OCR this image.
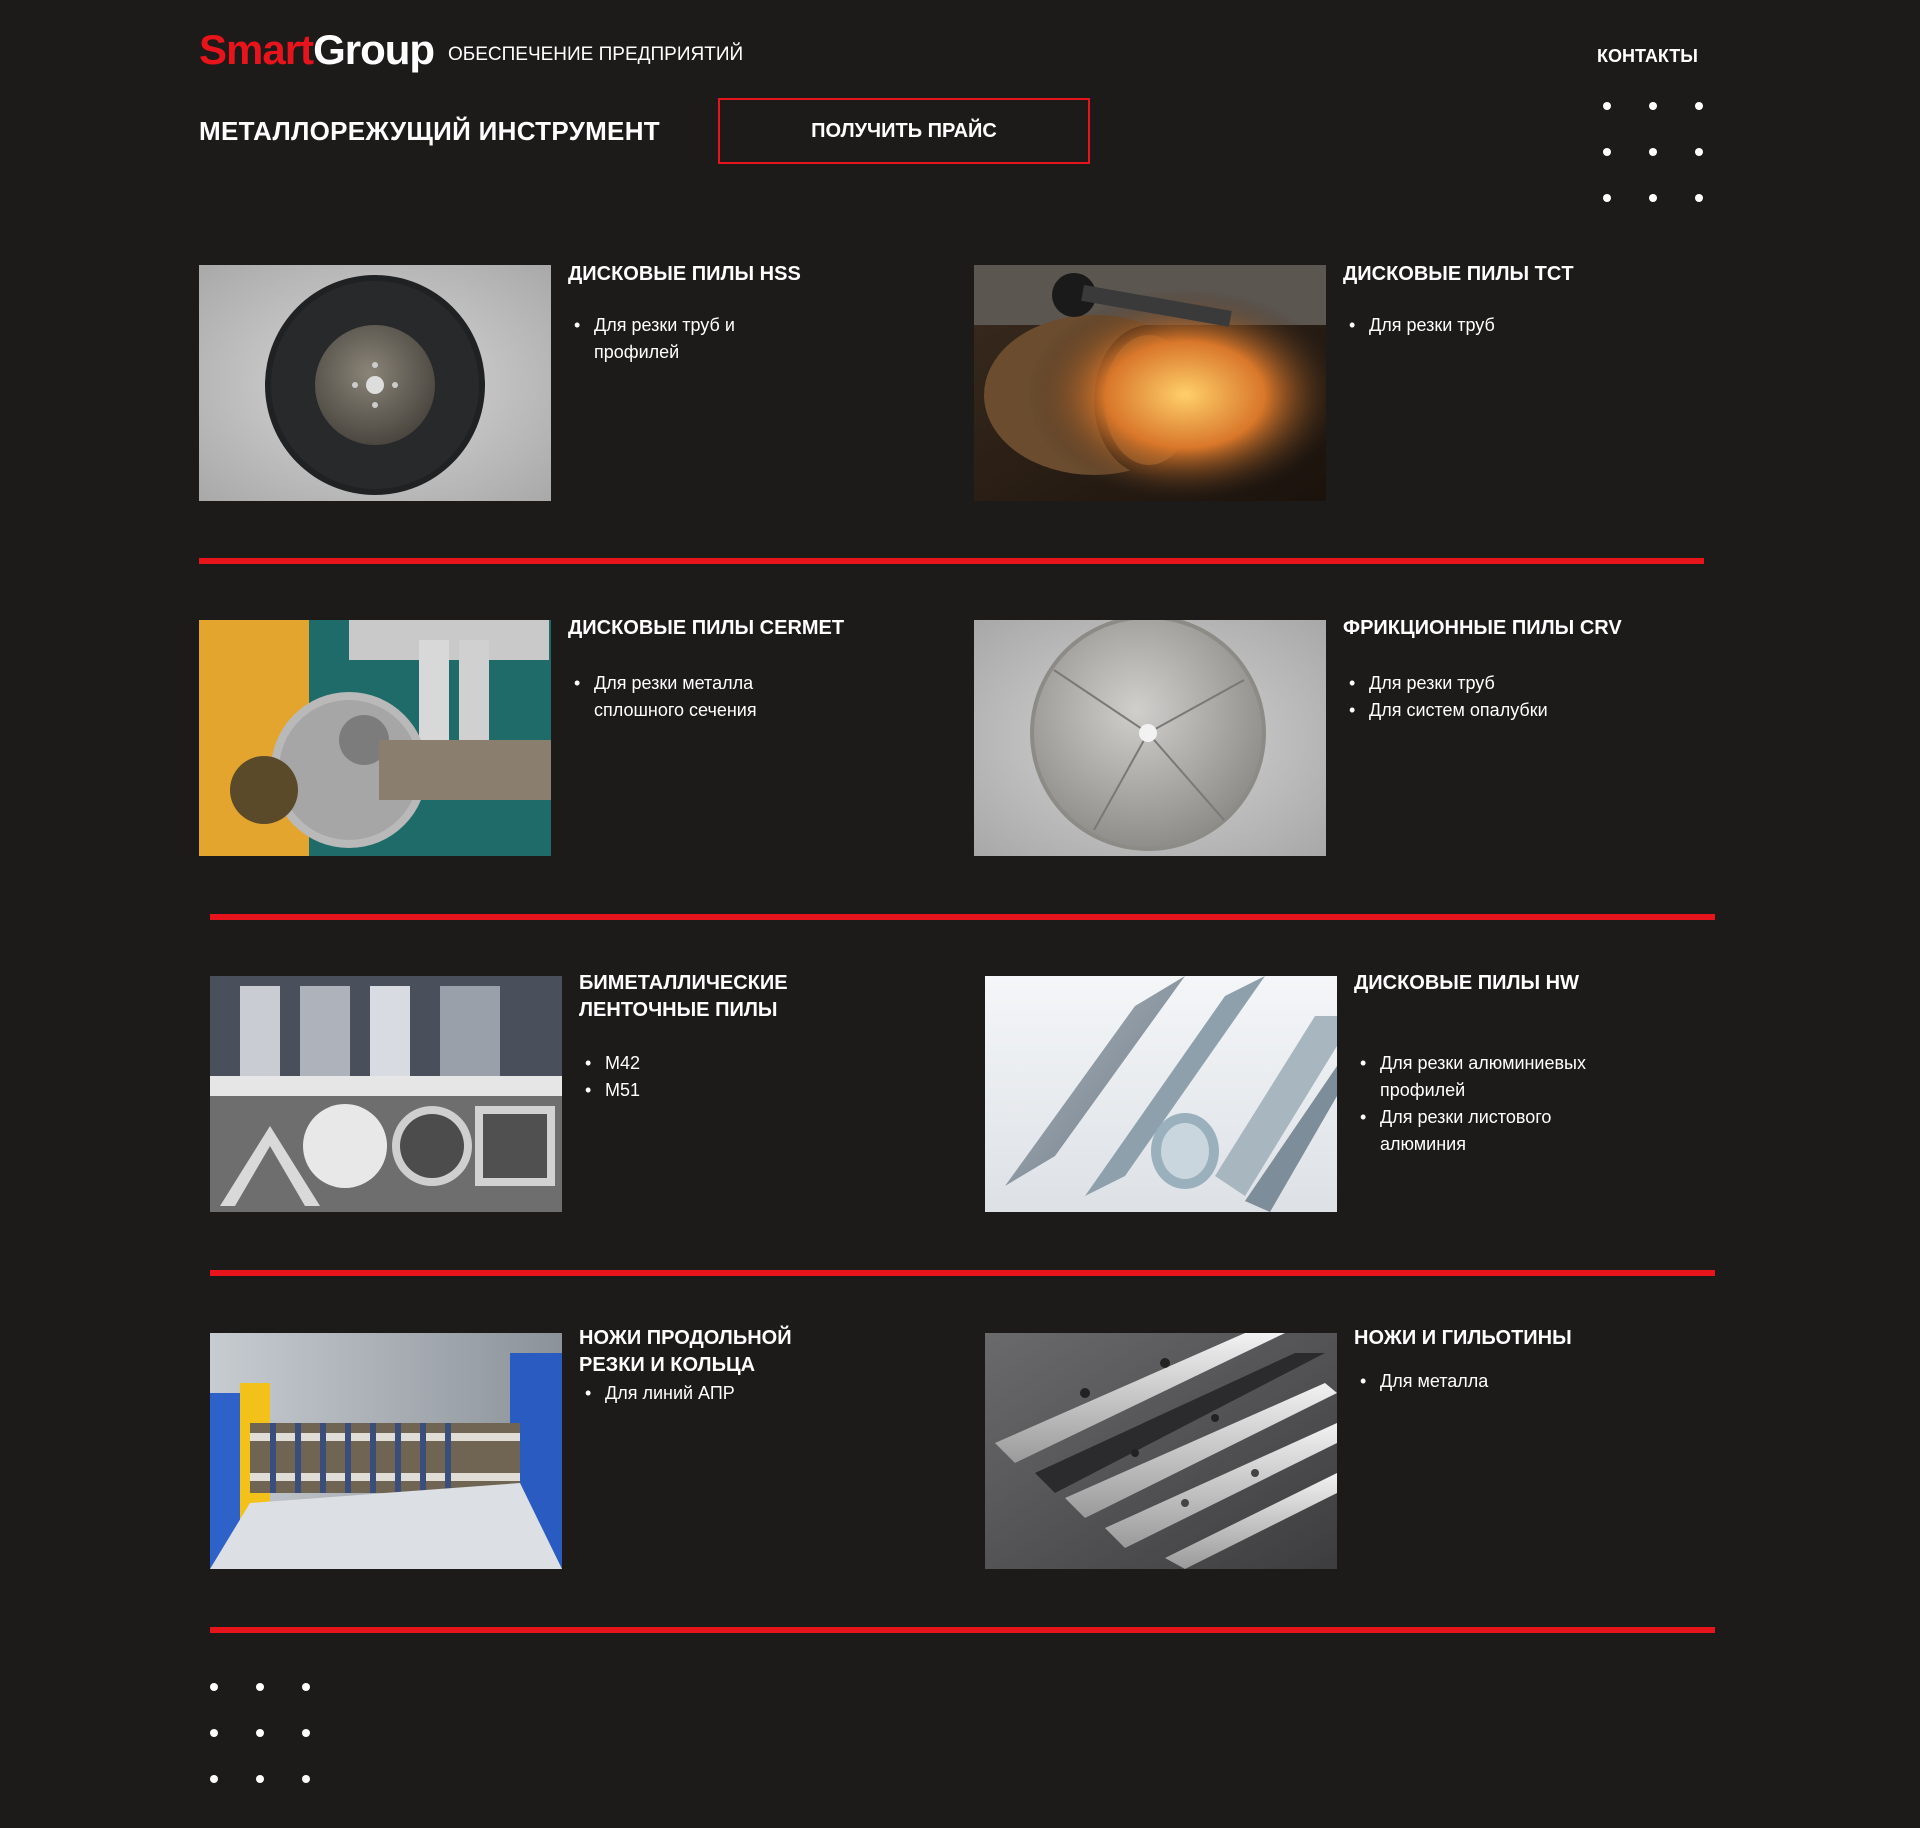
SmartGroup ОБЕСПЕЧЕНИЕ ПРЕДПРИЯТИЙ	КОНТАКТЫ
МЕТАЛЛОРЕЖУЩИЙ ИНСТРУМЕНТ	ПОЛУЧИТЬ ПРАЙС
ДИСКОВЫЕ ПИЛЫ HSS
• Для резки труб и
профилей
ДИСКОВЫЕ ПИЛЫ TCT
• Для резки труб
ДИСКОВЫЕ ПИЛЫ CERMET
• Для резки металла
сплошного сечения
ФРИКЦИОННЫЕ ПИЛЫ CRV
• Для резки труб
• Для систем опалубки
БИМЕТАЛЛИЧЕСКИЕ
ЛЕНТОЧНЫЕ ПИЛЫ
• M42
• M51
ДИСКОВЫЕ ПИЛЫ HW
• Для резки алюминиевых
профилей
• Для резки листового
алюминия
НОЖИ ПРОДОЛЬНОЙ
РЕЗКИ И КОЛЬЦА
• Для линий АПР
НОЖИ И ГИЛЬОТИНЫ
• Для металла
